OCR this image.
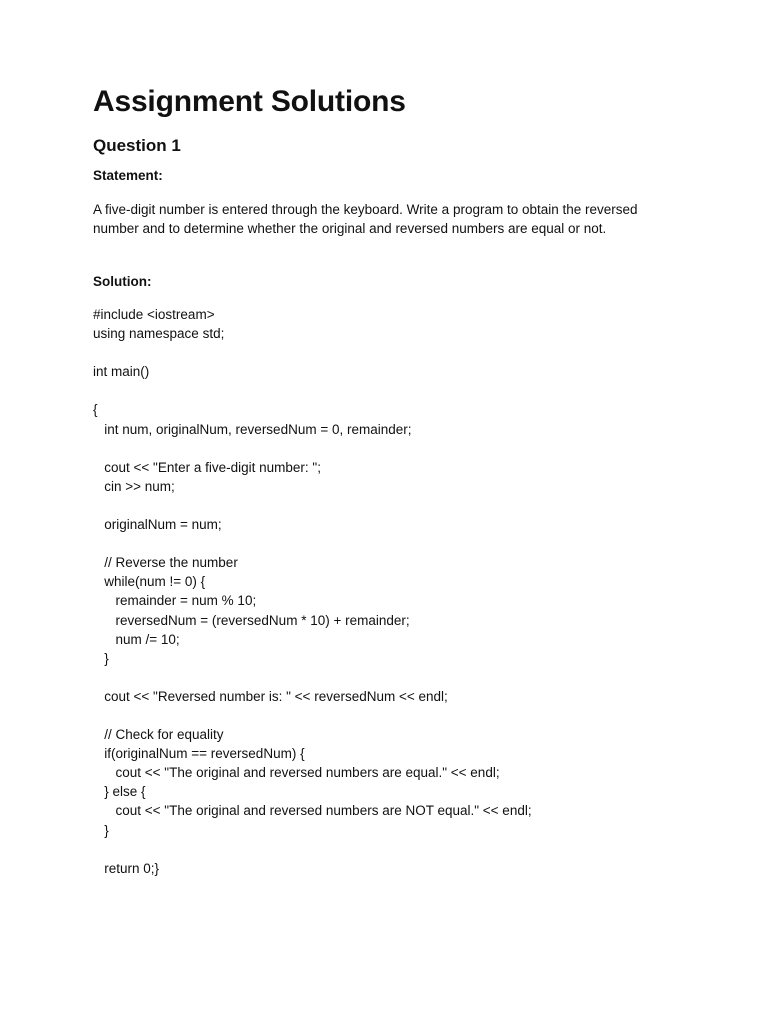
Assignment Solutions
Question 1
Statement:

A five-digit number is entered through the keyboard. Write a program to obtain the reversed number and to determine whether the original and reversed numbers are equal or not.

Solution:
#include <iostream>
using namespace std;
int main()
{
int num, originalNum, reversedNum = 0, remainder;
cout << "Enter a five-digit number: ";
cin >> num;
originalNum = num;
// Reverse the number
while(num != 0) {
remainder = num % 10;
reversedNum = (reversedNum * 10) + remainder;
num /= 10;
}
cout << "Reversed number is: " << reversedNum << endl;
// Check for equality
if(originalNum == reversedNum) {
cout << "The original and reversed numbers are equal." << endl;
} else {
cout << "The original and reversed numbers are NOT equal." << endl;
}
return 0;}
